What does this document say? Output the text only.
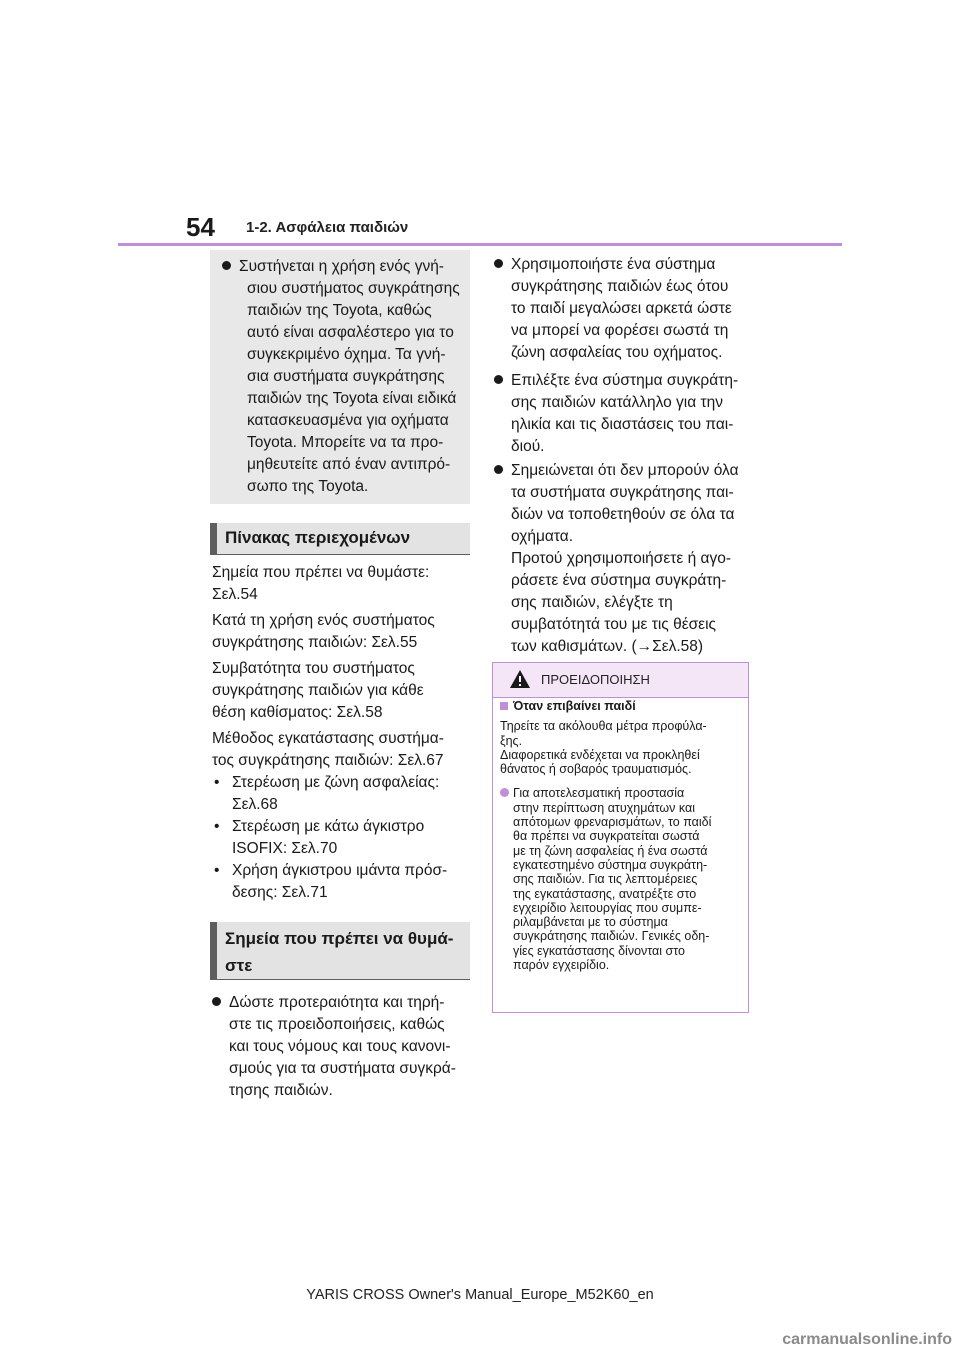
54 1-2. Ασφάλεια παιδιών
Συστήνεται η χρήση ενός γνή-
σιου συστήματος συγκράτησης
παιδιών της Toyota, καθώς
αυτό είναι ασφαλέστερο για το
συγκεκριμένο όχημα. Τα γνή-
σια συστήματα συγκράτησης
παιδιών της Toyota είναι ειδικά
κατασκευασμένα για οχήματα
Toyota. Μπορείτε να τα προ-
μηθευτείτε από έναν αντιπρό-
σωπο της Toyota.
Πίνακας περιεχομένων
Σημεία που πρέπει να θυμάστε:
Σελ.54
Κατά τη χρήση ενός συστήματος
συγκράτησης παιδιών: Σελ.55
Συμβατότητα του συστήματος
συγκράτησης παιδιών για κάθε
θέση καθίσματος: Σελ.58
Μέθοδος εγκατάστασης συστήμα-
τος συγκράτησης παιδιών: Σελ.67
• Στερέωση με ζώνη ασφαλείας:
Σελ.68
• Στερέωση με κάτω άγκιστρο
ISOFIX: Σελ.70
• Χρήση άγκιστρου ιμάντα πρόσ-
δεσης: Σελ.71
Σημεία που πρέπει να θυμά-
στε
Δώστε προτεραιότητα και τηρή-
στε τις προειδοποιήσεις, καθώς
και τους νόμους και τους κανονι-
σμούς για τα συστήματα συγκρά-
τησης παιδιών.
Χρησιμοποιήστε ένα σύστημα
συγκράτησης παιδιών έως ότου
το παιδί μεγαλώσει αρκετά ώστε
να μπορεί να φορέσει σωστά τη
ζώνη ασφαλείας του οχήματος.
Επιλέξτε ένα σύστημα συγκράτη-
σης παιδιών κατάλληλο για την
ηλικία και τις διαστάσεις του παι-
διού.
Σημειώνεται ότι δεν μπορούν όλα
τα συστήματα συγκράτησης παι-
διών να τοποθετηθούν σε όλα τα
οχήματα.
Προτού χρησιμοποιήσετε ή αγο-
ράσετε ένα σύστημα συγκράτη-
σης παιδιών, ελέγξτε τη
συμβατότητά του με τις θέσεις
των καθισμάτων. (→Σελ.58)
ΠΡΟΕΙΔΟΠΟΙΗΣΗ
Όταν επιβαίνει παιδί
Τηρείτε τα ακόλουθα μέτρα προφύλα-
ξης.
Διαφορετικά ενδέχεται να προκληθεί
θάνατος ή σοβαρός τραυματισμός.
Για αποτελεσματική προστασία
στην περίπτωση ατυχημάτων και
απότομων φρεναρισμάτων, το παιδί
θα πρέπει να συγκρατείται σωστά
με τη ζώνη ασφαλείας ή ένα σωστά
εγκατεστημένο σύστημα συγκράτη-
σης παιδιών. Για τις λεπτομέρειες
της εγκατάστασης, ανατρέξτε στο
εγχειρίδιο λειτουργίας που συμπε-
ριλαμβάνεται με το σύστημα
συγκράτησης παιδιών. Γενικές οδη-
γίες εγκατάστασης δίνονται στο
παρόν εγχειρίδιο.
YARIS CROSS Owner's Manual_Europe_M52K60_en
carmanualsonline.info
